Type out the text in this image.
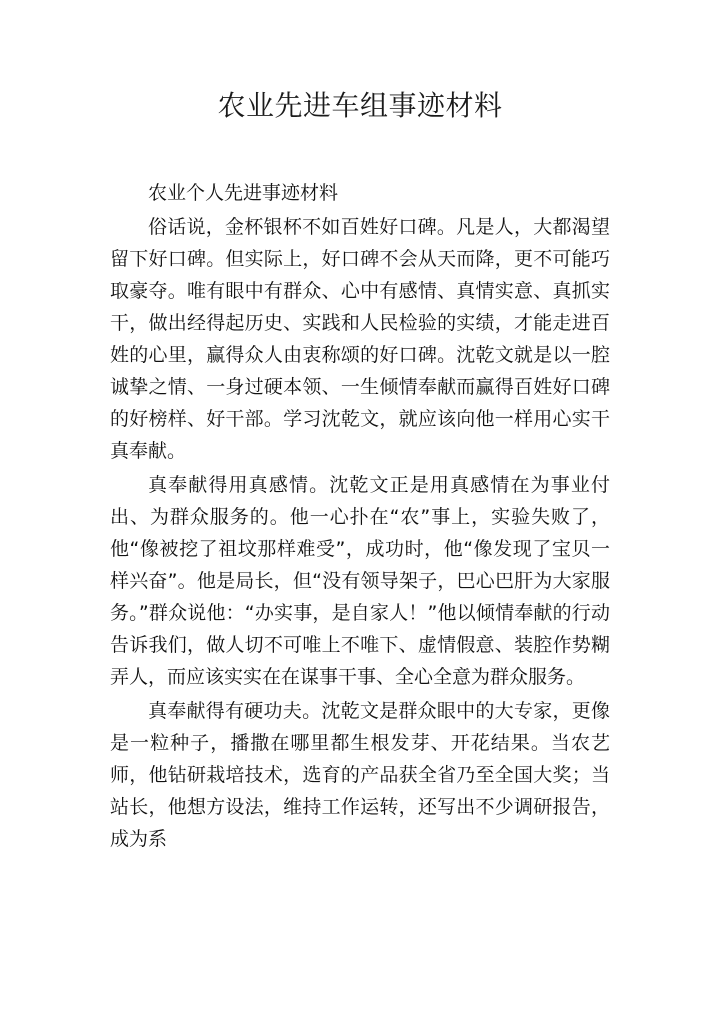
农业先进车组事迹材料

农业个人先进事迹材料

俗话说，金杯银杯不如百姓好口碑。凡是人，大都渴望留下好口碑。但实际上，好口碑不会从天而降，更不可能巧取豪夺。唯有眼中有群众、心中有感情、真情实意、真抓实干，做出经得起历史、实践和人民检验的实绩，才能走进百姓的心里，赢得众人由衷称颂的好口碑。沈乾文就是以一腔诚挚之情、一身过硬本领、一生倾情奉献而赢得百姓好口碑的好榜样、好干部。学习沈乾文，就应该向他一样用心实干真奉献。

真奉献得用真感情。沈乾文正是用真感情在为事业付出、为群众服务的。他一心扑在“农”事上，实验失败了，他“像被挖了祖坟那样难受”，成功时，他“像发现了宝贝一样兴奋”。他是局长，但“没有领导架子，巴心巴肝为大家服务。”群众说他：“办实事，是自家人！”他以倾情奉献的行动告诉我们，做人切不可唯上不唯下、虚情假意、装腔作势糊弄人，而应该实实在在谋事干事、全心全意为群众服务。

真奉献得有硬功夫。沈乾文是群众眼中的大专家，更像是一粒种子，播撒在哪里都生根发芽、开花结果。当农艺师，他钻研栽培技术，选育的产品获全省乃至全国大奖；当站长，他想方设法，维持工作运转，还写出不少调研报告，成为系
